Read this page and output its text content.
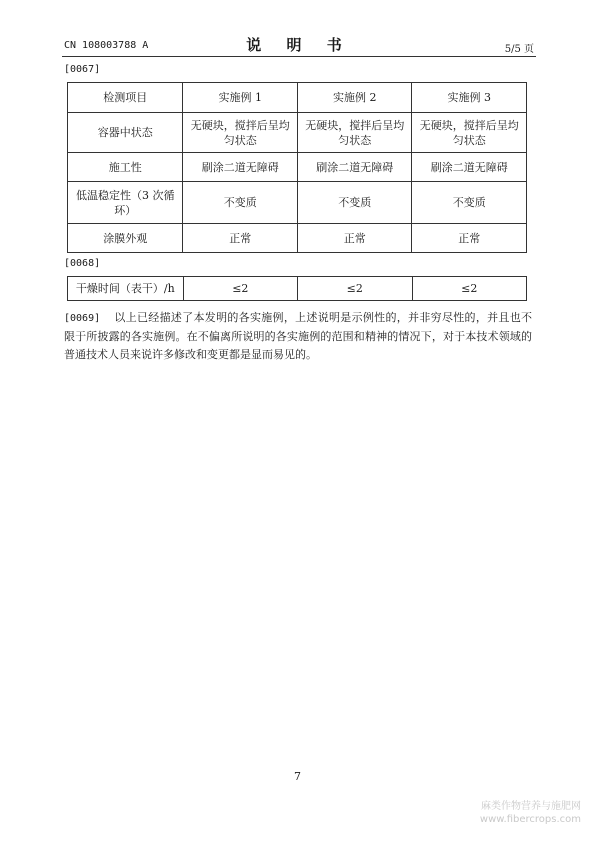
CN 108003788 A	说 明 书	5/5 页
[0067]
检测项目	实施例 1	实施例 2	实施例 3
容器中状态	无硬块，搅拌后呈均匀状态	无硬块，搅拌后呈均匀状态	无硬块，搅拌后呈均匀状态
施工性	刷涂二道无障碍	刷涂二道无障碍	刷涂二道无障碍
低温稳定性（3 次循环）	不变质	不变质	不变质
涂膜外观	正常	正常	正常
[0068]
干燥时间（表干）/h	≤2	≤2	≤2
[0069] 以上已经描述了本发明的各实施例，上述说明是示例性的，并非穷尽性的，并且也不限于所披露的各实施例。在不偏离所说明的各实施例的范围和精神的情况下，对于本技术领域的普通技术人员来说许多修改和变更都是显而易见的。
7
麻类作物营养与施肥网
www.fibercrops.com
